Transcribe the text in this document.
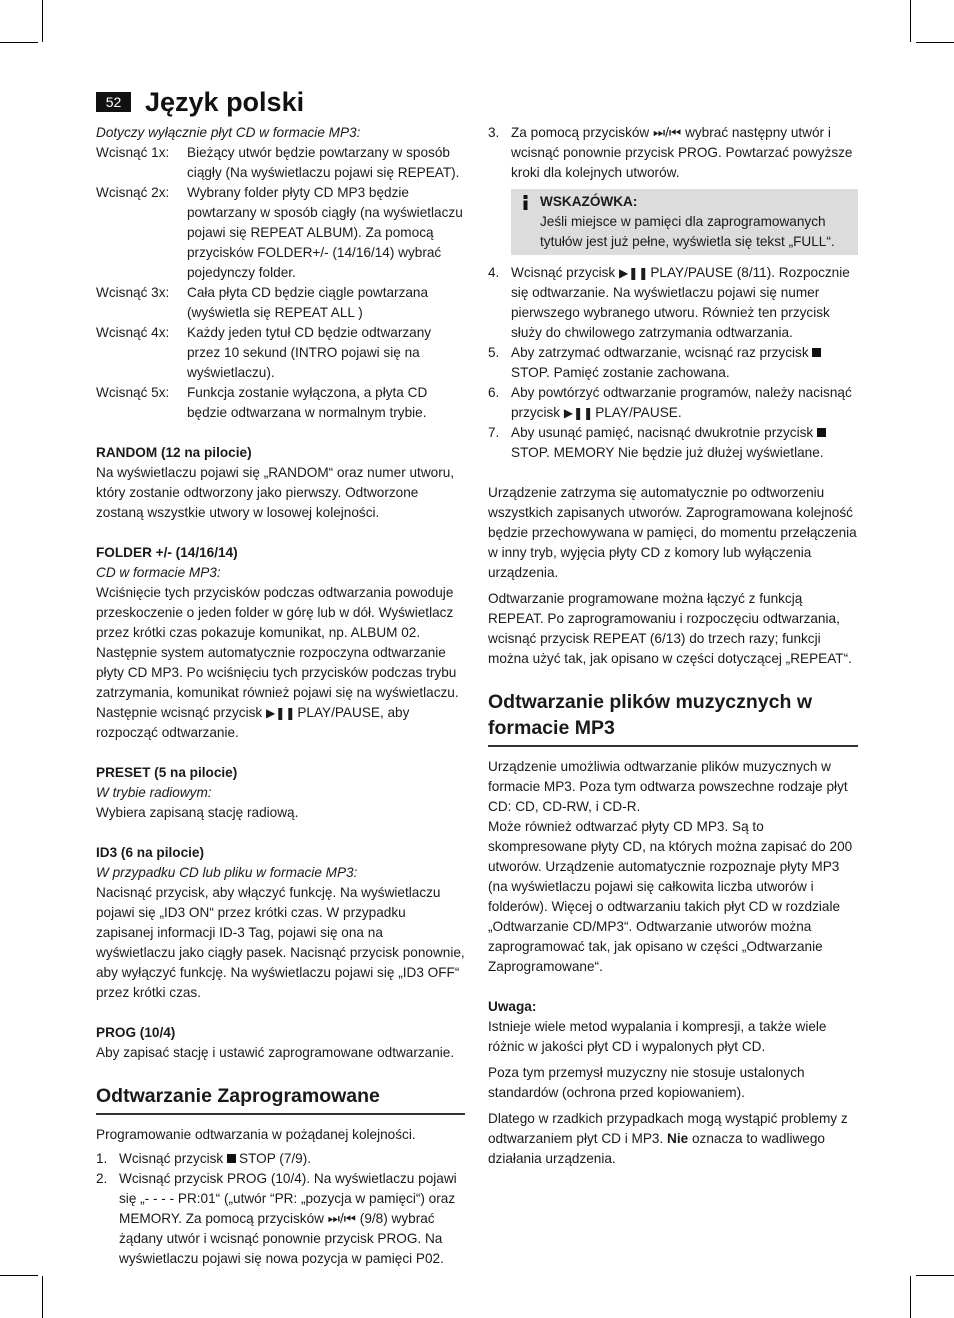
52 Język polski

Dotyczy wyłącznie płyt CD w formacie MP3:

Wcisnąć 1x:	Bieżący utwór będzie powtarzany w sposób ciągły (Na wyświetlaczu pojawi się REPEAT).
Wcisnąć 2x:	Wybrany folder płyty CD MP3 będzie powtarzany w sposób ciągły (na wyświetlaczu pojawi się REPEAT ALBUM). Za pomocą przycisków FOLDER+/- (14/16/14) wybrać pojedynczy folder.
Wcisnąć 3x:	Cała płyta CD będzie ciągle powtarzana (wyświetla się REPEAT ALL )
Wcisnąć 4x:	Każdy jeden tytuł CD będzie odtwarzany przez 10 sekund (INTRO pojawi się na wyświetlaczu).
Wcisnąć 5x:	Funkcja zostanie wyłączona, a płyta CD będzie odtwarzana w normalnym trybie.

RANDOM (12 na pilocie)

Na wyświetlaczu pojawi się „RANDOM“ oraz numer utworu, który zostanie odtworzony jako pierwszy. Odtworzone zostaną wszystkie utwory w losowej kolejności.

FOLDER +/- (14/16/14)

CD w formacie MP3:

Wciśnięcie tych przycisków podczas odtwarzania powoduje przeskoczenie o jeden folder w górę lub w dół. Wyświetlacz przez krótki czas pokazuje komunikat, np. ALBUM 02. Następnie system automatycznie rozpoczyna odtwarzanie płyty CD MP3. Po wciśnięciu tych przycisków podczas trybu zatrzymania, komunikat również pojawi się na wyświetlaczu. Następnie wcisnąć przycisk ▶❚❚ PLAY/PAUSE, aby rozpocząć odtwarzanie.

PRESET (5 na pilocie)

W trybie radiowym:

Wybiera zapisaną stację radiową.

ID3 (6 na pilocie)

W przypadku CD lub pliku w formacie MP3:

Nacisnąć przycisk, aby włączyć funkcję. Na wyświetlaczu pojawi się „ID3 ON“ przez krótki czas. W przypadku zapisanej informacji ID-3 Tag, pojawi się ona na wyświetlaczu jako ciągły pasek. Nacisnąć przycisk ponownie, aby wyłączyć funkcję. Na wyświetlaczu pojawi się „ID3 OFF“ przez krótki czas.

PROG (10/4)

Aby zapisać stację i ustawić zaprogramowane odtwarzanie.

Odtwarzanie Zaprogramowane

Programowanie odtwarzania w pożądanej kolejności.

1. Wcisnąć przycisk STOP (7/9).
2. Wcisnąć przycisk PROG (10/4). Na wyświetlaczu pojawi się „- - - - PR:01“ („utwór “PR: „pozycja w pamięci“) oraz MEMORY. Za pomocą przycisków ⏭/⏮ (9/8) wybrać żądany utwór i wcisnąć ponownie przycisk PROG. Na wyświetlaczu pojawi się nowa pozycja w pamięci P02.
3. Za pomocą przycisków ⏭/⏮ wybrać następny utwór i wcisnąć ponownie przycisk PROG. Powtarzać powyższe kroki dla kolejnych utworów.

WSKAZÓWKA:

Jeśli miejsce w pamięci dla zaprogramowanych tytułów jest już pełne, wyświetla się tekst „FULL“.

4. Wcisnąć przycisk ▶❚❚ PLAY/PAUSE (8/11). Rozpocznie się odtwarzanie. Na wyświetlaczu pojawi się numer pierwszego wybranego utworu. Również ten przycisk służy do chwilowego zatrzymania odtwarzania.
5. Aby zatrzymać odtwarzanie, wcisnąć raz przycisk STOP. Pamięć zostanie zachowana.
6. Aby powtórzyć odtwarzanie programów, należy nacisnąć przycisk ▶❚❚ PLAY/PAUSE.
7. Aby usunąć pamięć, nacisnąć dwukrotnie przycisk STOP. MEMORY Nie będzie już dłużej wyświetlane.

Urządzenie zatrzyma się automatycznie po odtworzeniu wszystkich zapisanych utworów. Zaprogramowana kolejność będzie przechowywana w pamięci, do momentu przełączenia w inny tryb, wyjęcia płyty CD z komory lub wyłączenia urządzenia.

Odtwarzanie programowane można łączyć z funkcją REPEAT. Po zaprogramowaniu i rozpoczęciu odtwarzania, wcisnąć przycisk REPEAT (6/13) do trzech razy; funkcji można użyć tak, jak opisano w części dotyczącej „REPEAT“.

Odtwarzanie plików muzycznych w formacie MP3

Urządzenie umożliwia odtwarzanie plików muzycznych w formacie MP3. Poza tym odtwarza powszechne rodzaje płyt CD: CD, CD-RW, i CD-R.

Może również odtwarzać płyty CD MP3. Są to skompresowane płyty CD, na których można zapisać do 200 utworów. Urządzenie automatycznie rozpoznaje płyty MP3 (na wyświetlaczu pojawi się całkowita liczba utworów i folderów). Więcej o odtwarzaniu takich płyt CD w rozdziale „Odtwarzanie CD/MP3“. Odtwarzanie utworów można zaprogramować tak, jak opisano w części „Odtwarzanie Zaprogramowane“.

Uwaga:

Istnieje wiele metod wypalania i kompresji, a także wiele różnic w jakości płyt CD i wypalonych płyt CD.

Poza tym przemysł muzyczny nie stosuje ustalonych standardów (ochrona przed kopiowaniem).

Dlatego w rzadkich przypadkach mogą wystąpić problemy z odtwarzaniem płyt CD i MP3. Nie oznacza to wadliwego działania urządzenia.
